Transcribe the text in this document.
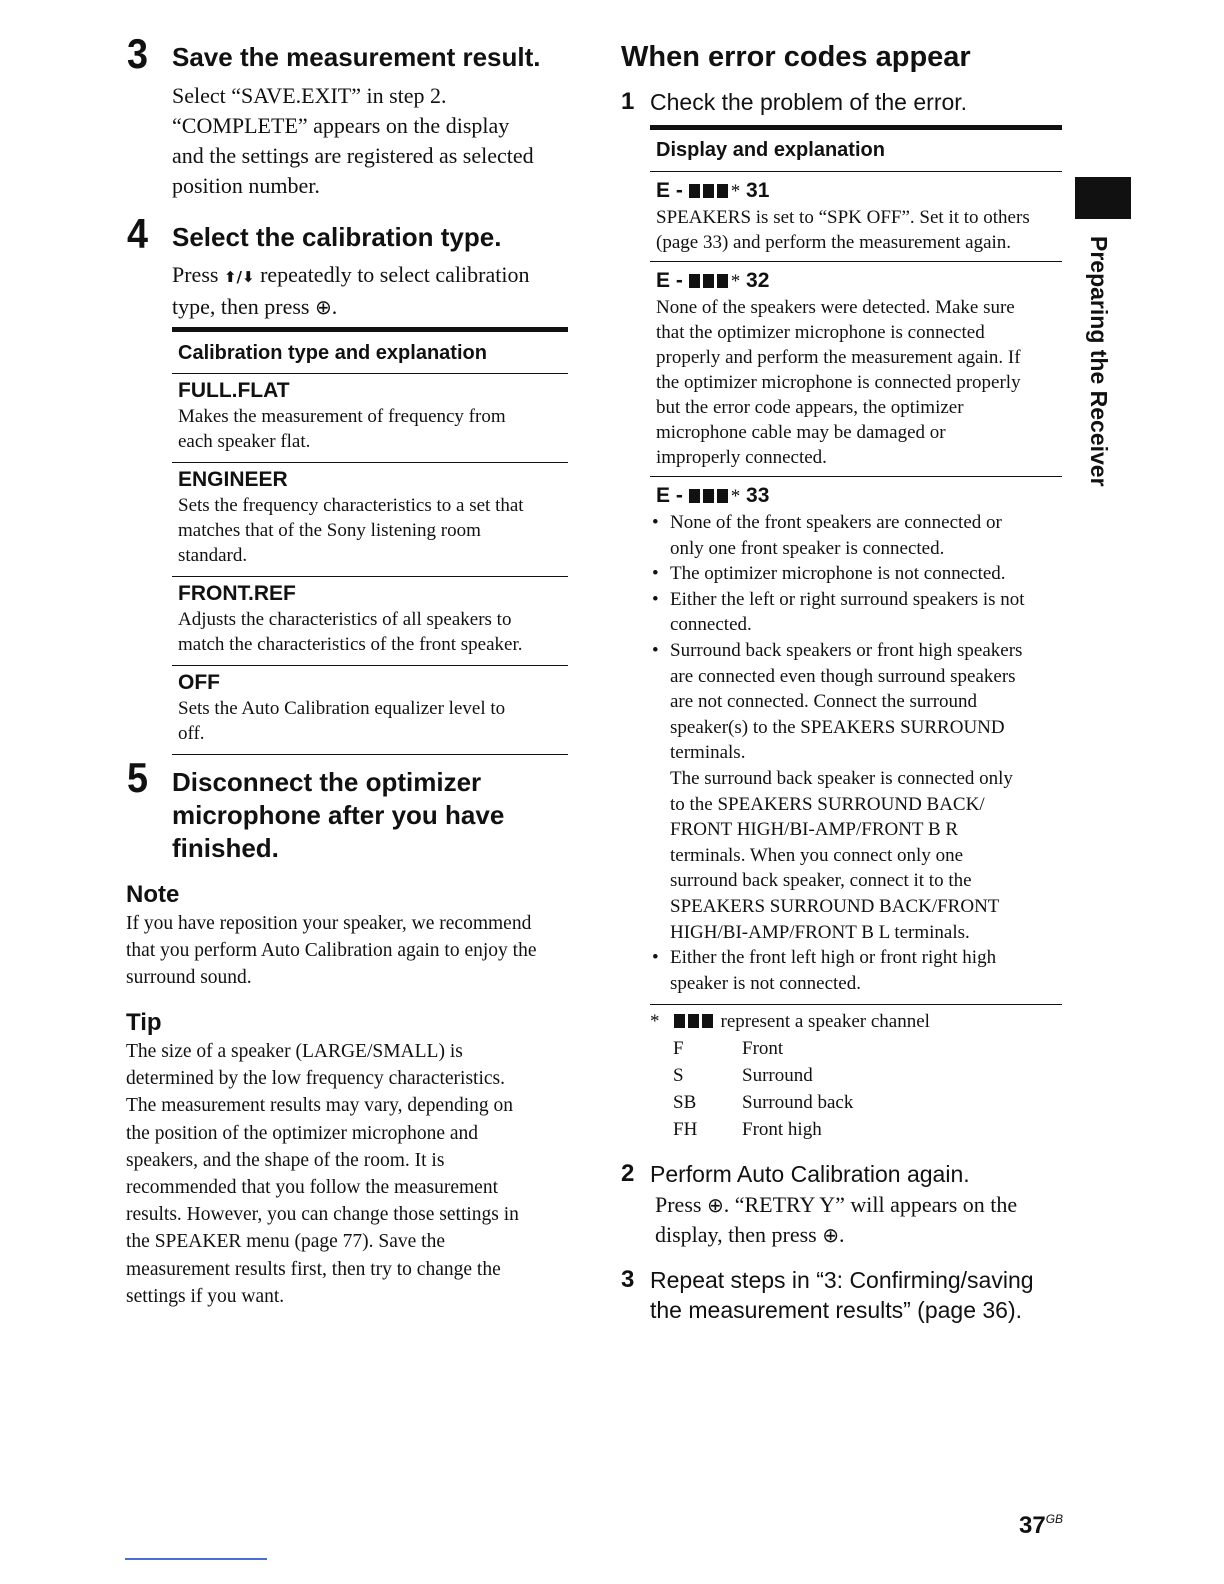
3 Save the measurement result.
Select “SAVE.EXIT” in step 2.
“COMPLETE” appears on the display
and the settings are registered as selected
position number.
4 Select the calibration type.
Press ⬆/⬇ repeatedly to select calibration
type, then press ⊕.
Calibration type and explanation
FULL.FLAT
Makes the measurement of frequency from
each speaker flat.
ENGINEER
Sets the frequency characteristics to a set that
matches that of the Sony listening room
standard.
FRONT.REF
Adjusts the characteristics of all speakers to
match the characteristics of the front speaker.
OFF
Sets the Auto Calibration equalizer level to
off.
5 Disconnect the optimizer
microphone after you have
finished.
Note
If you have reposition your speaker, we recommend
that you perform Auto Calibration again to enjoy the
surround sound.
Tip
The size of a speaker (LARGE/SMALL) is
determined by the low frequency characteristics.
The measurement results may vary, depending on
the position of the optimizer microphone and
speakers, and the shape of the room. It is
recommended that you follow the measurement
results. However, you can change those settings in
the SPEAKER menu (page 77). Save the
measurement results first, then try to change the
settings if you want.
When error codes appear
1 Check the problem of the error.
Display and explanation
E -	* 31
SPEAKERS is set to “SPK OFF”. Set it to others
(page 33) and perform the measurement again.
E -	* 32
None of the speakers were detected. Make sure
that the optimizer microphone is connected
properly and perform the measurement again. If
the optimizer microphone is connected properly
but the error code appears, the optimizer
microphone cable may be damaged or
improperly connected.
E -	* 33
• None of the front speakers are connected or
only one front speaker is connected.
• The optimizer microphone is not connected.
• Either the left or right surround speakers is not
connected.
• Surround back speakers or front high speakers
are connected even though surround speakers
are not connected. Connect the surround
speaker(s) to the SPEAKERS SURROUND
terminals.
The surround back speaker is connected only
to the SPEAKERS SURROUND BACK/
FRONT HIGH/BI-AMP/FRONT B R
terminals. When you connect only one
surround back speaker, connect it to the
SPEAKERS SURROUND BACK/FRONT
HIGH/BI-AMP/FRONT B L terminals.
• Either the front left high or front right high
speaker is not connected.
*	represent a speaker channel
F	Front
S	Surround
SB	Surround back
FH	Front high
2 Perform Auto Calibration again.
Press ⊕. “RETRY Y” will appears on the
display, then press ⊕.
3 Repeat steps in “3: Confirming/saving
the measurement results” (page 36).
Preparing the Receiver
$37^{GB}$
